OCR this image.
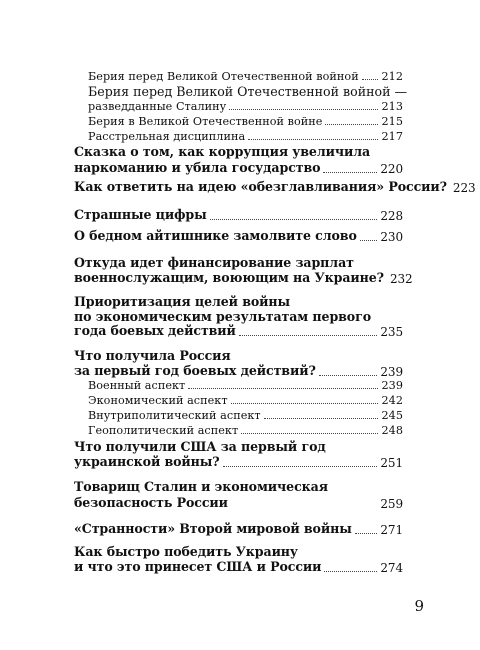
Берия перед Великой Отечественной войной 212
Берия перед Великой Отечественной войной —
разведданные Сталину	213
Берия в Великой Отечественной войне	215
Расстрельная дисциплина	217
Сказка о том, как коррупция увеличила
наркоманию и убила государство	220
Как ответить на идею «обезглавливания» России? 223
Страшные цифры	228
О бедном айтишнике замолвите слово 230
Откуда идет финансирование зарплат
военнослужащим, воюющим на Украине? 232
Приоритизация целей войны
по экономическим результатам первого
года боевых действий	235
Что получила Россия
за первый год боевых действий?	239
Военный аспект	239
Экономический аспект	242
Внутриполитический аспект	245
Геополитический аспект	248
Что получили США за первый год
украинской войны?	251
Товарищ Сталин и экономическая
безопасность России	259
«Странности» Второй мировой войны 271
Как быстро победить Украину
и что это принесет США и России	274
9
